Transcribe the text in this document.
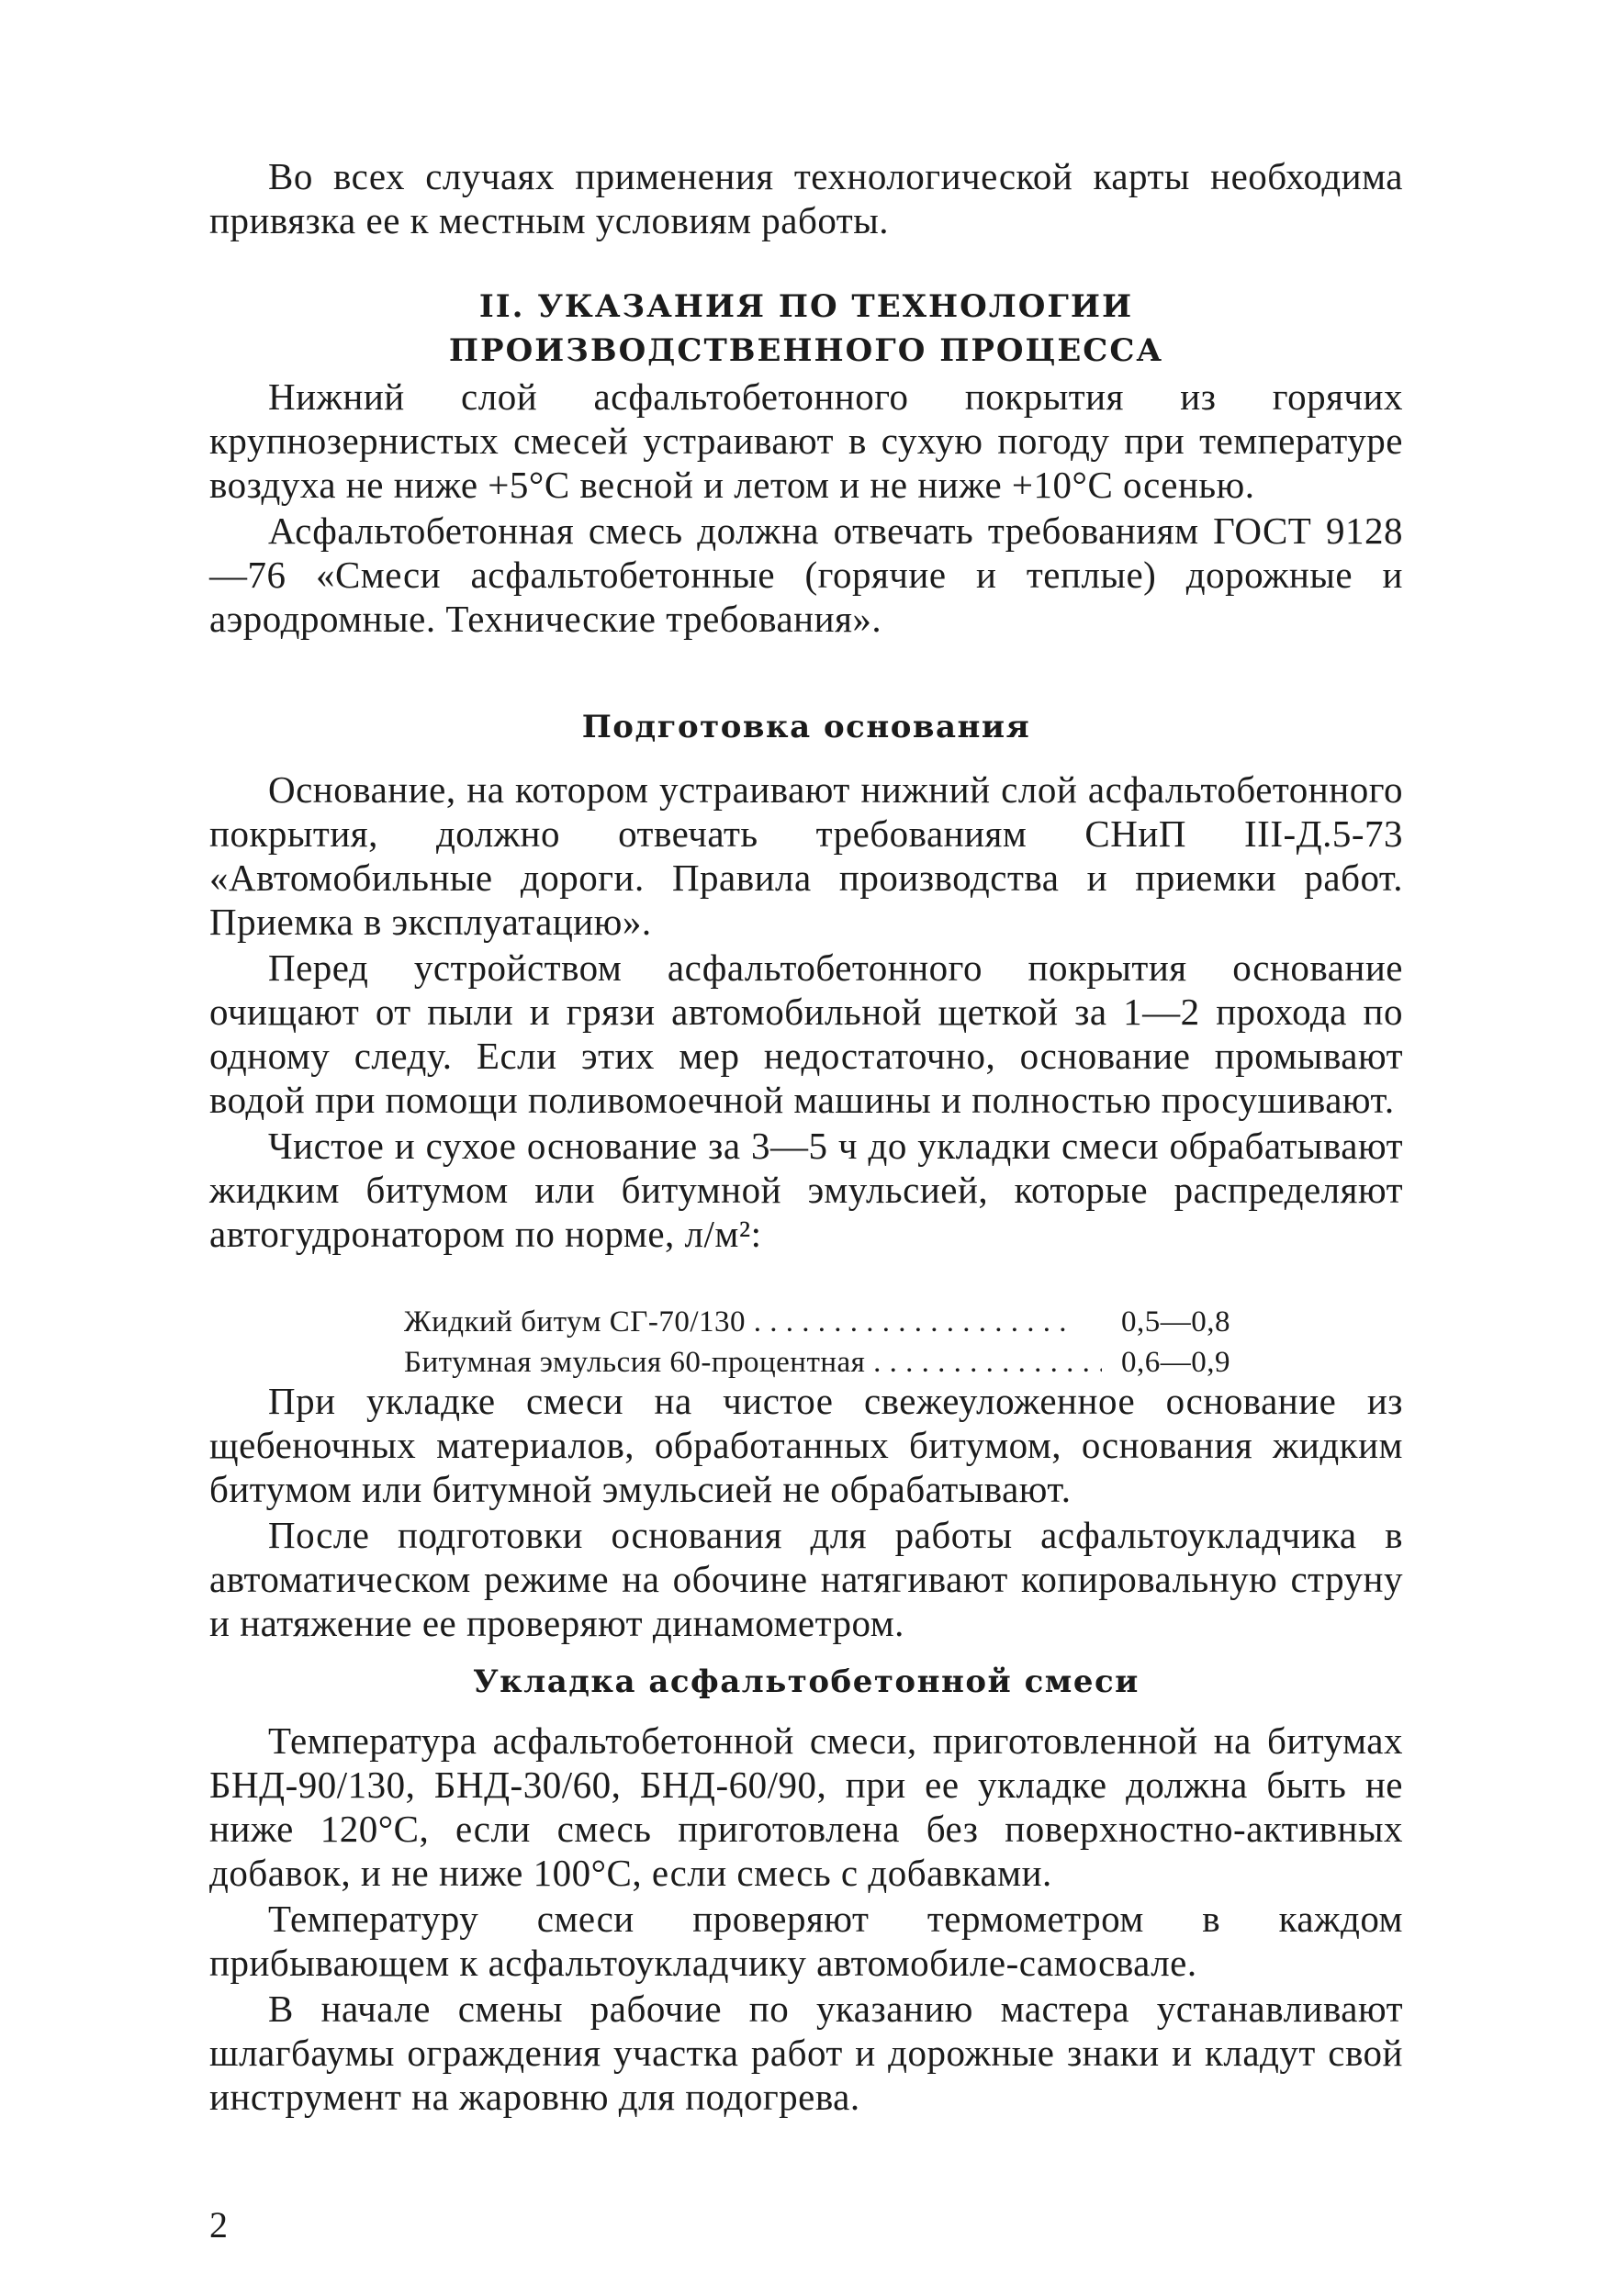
Во всех случаях применения технологической карты необходима привязка ее к местным условиям работы.

II. УКАЗАНИЯ ПО ТЕХНОЛОГИИ
ПРОИЗВОДСТВЕННОГО ПРОЦЕССА

Нижний слой асфальтобетонного покрытия из горячих крупнозернистых смесей устраивают в сухую погоду при температуре воздуха не ниже +5°С весной и летом и не ниже +10°С осенью.

Асфальтобетонная смесь должна отвечать требованиям ГОСТ 9128—76 «Смеси асфальтобетонные (горячие и теплые) дорожные и аэродромные. Технические требования».

Подготовка основания

Основание, на котором устраивают нижний слой асфальтобетонного покрытия, должно отвечать требованиям СНиП III-Д.5-73 «Автомобильные дороги. Правила производства и приемки работ. Приемка в эксплуатацию».

Перед устройством асфальтобетонного покрытия основание очищают от пыли и грязи автомобильной щеткой за 1—2 прохода по одному следу. Если этих мер недостаточно, основание промывают водой при помощи поливомоечной машины и полностью просушивают.

Чистое и сухое основание за 3—5 ч до укладки смеси обрабатывают жидким битумом или битумной эмульсией, которые распределяют автогудронатором по норме, л/м²:

Жидкий битум СГ-70/130 . . .	0,5—0,8
Битумная эмульсия 60-процентная . . .	0,6—0,9

При укладке смеси на чистое свежеуложенное основание из щебеночных материалов, обработанных битумом, основания жидким битумом или битумной эмульсией не обрабатывают.

После подготовки основания для работы асфальтоукладчика в автоматическом режиме на обочине натягивают копировальную струну и натяжение ее проверяют динамометром.

Укладка асфальтобетонной смеси

Температура асфальтобетонной смеси, приготовленной на битумах БНД-90/130, БНД-30/60, БНД-60/90, при ее укладке должна быть не ниже 120°С, если смесь приготовлена без поверхностно-активных добавок, и не ниже 100°С, если смесь с добавками.

Температуру смеси проверяют термометром в каждом прибывающем к асфальтоукладчику автомобиле-самосвале.

В начале смены рабочие по указанию мастера устанавливают шлагбаумы ограждения участка работ и дорожные знаки и кладут свой инструмент на жаровню для подогрева.

2
